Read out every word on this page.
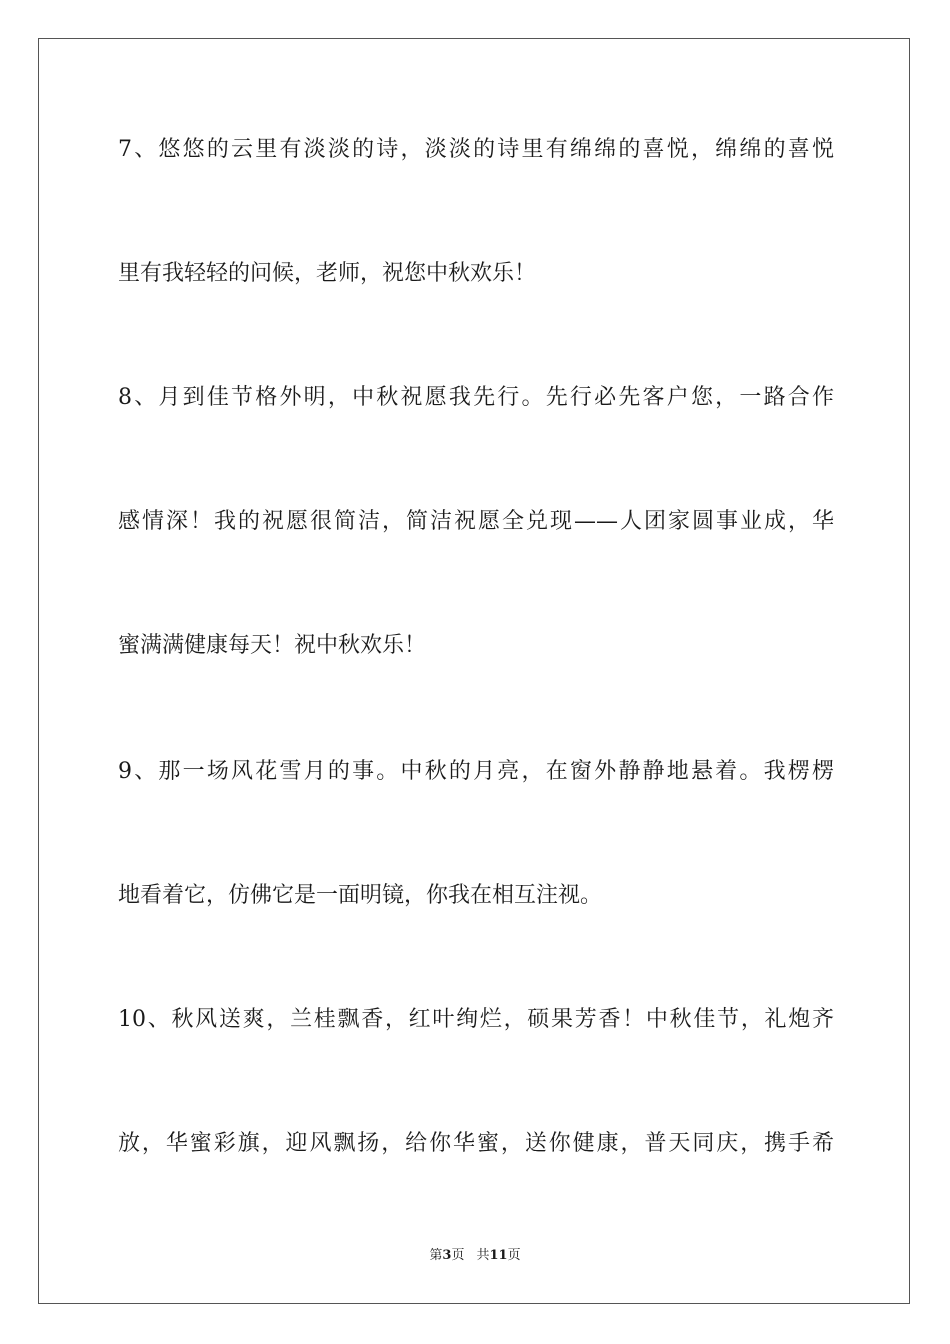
7、悠悠的云里有淡淡的诗，淡淡的诗里有绵绵的喜悦，绵绵的喜悦
里有我轻轻的问候，老师，祝您中秋欢乐！
8、月到佳节格外明，中秋祝愿我先行。先行必先客户您，一路合作
感情深！我的祝愿很简洁，简洁祝愿全兑现——人团家圆事业成，华
蜜满满健康每天！祝中秋欢乐！
9、那一场风花雪月的事。中秋的月亮，在窗外静静地悬着。我楞楞
地看着它，仿佛它是一面明镜，你我在相互注视。
10、秋风送爽，兰桂飘香，红叶绚烂，硕果芳香！中秋佳节，礼炮齐
放，华蜜彩旗，迎风飘扬，给你华蜜，送你健康，普天同庆，携手希
第3页 共11页
